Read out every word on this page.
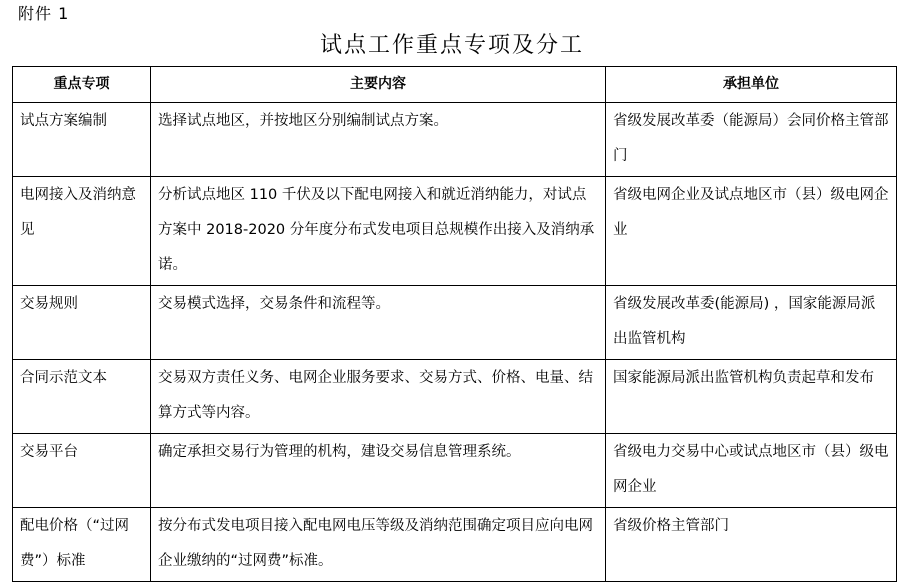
附件 1
试点工作重点专项及分工
重点专项	主要内容	承担单位
试点方案编制	选择试点地区，并按地区分别编制试点方案。	省级发展改革委（能源局）会同价格主管部门
电网接入及消纳意见	分析试点地区 110 千伏及以下配电网接入和就近消纳能力，对试点方案中 2018-2020 分年度分布式发电项目总规模作出接入及消纳承诺。	省级电网企业及试点地区市（县）级电网企业
交易规则	交易模式选择，交易条件和流程等。	省级发展改革委(能源局) ，国家能源局派出监管机构
合同示范文本	交易双方责任义务、电网企业服务要求、交易方式、价格、电量、结算方式等内容。	国家能源局派出监管机构负责起草和发布
交易平台	确定承担交易行为管理的机构，建设交易信息管理系统。	省级电力交易中心或试点地区市（县）级电网企业
配电价格（“过网费”）标准	按分布式发电项目接入配电网电压等级及消纳范围确定项目应向电网企业缴纳的“过网费”标准。	省级价格主管部门
